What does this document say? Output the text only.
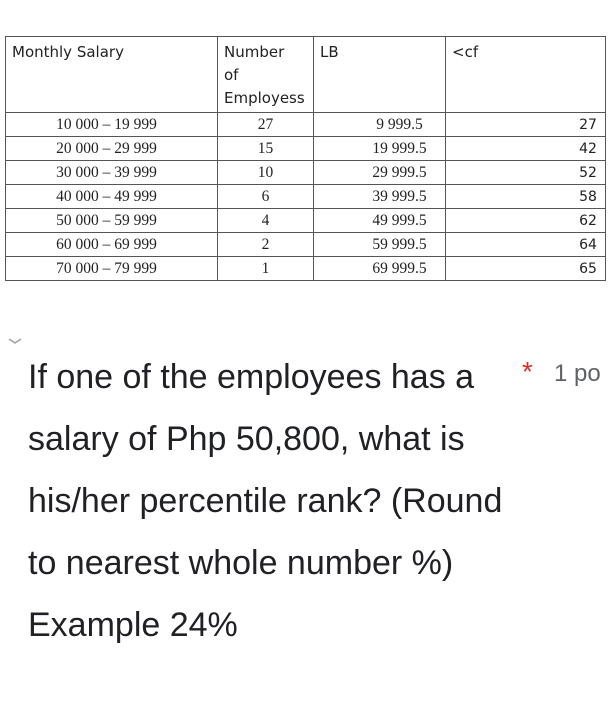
Monthly Salary	Number of Employess	LB	<cf
10 000 – 19 999	27	9 999.5	27
20 000 – 29 999	15	19 999.5	42
30 000 – 39 999	10	29 999.5	52
40 000 – 49 999	6	39 999.5	58
50 000 – 59 999	4	49 999.5	62
60 000 – 69 999	2	59 999.5	64
70 000 – 79 999	1	69 999.5	65

If one of the employees has a salary of Php 50,800, what is his/her percentile rank? (Round to nearest whole number %) Example 24%

* 1 po
